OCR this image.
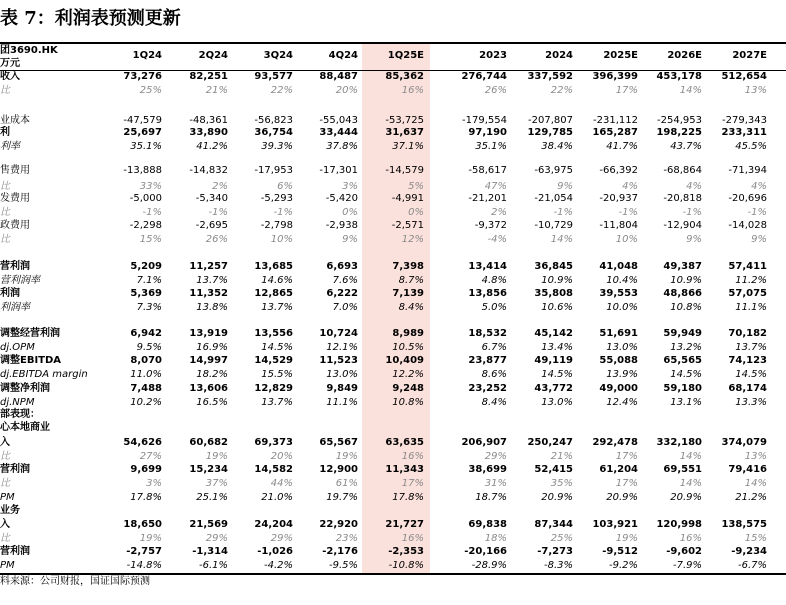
表 7：利润表预测更新
团3690.HK
万元
1Q24	2Q24	3Q24	4Q24	1Q25E	2023	2024	2025E	2026E	2027E
收入	73,276	82,251	93,577	88,487	85,362	276,744	337,592	396,399	453,178	512,654
比	25%	21%	22%	20%	16%	26%	22%	17%	14%	13%
业成本	-47,579	-48,361	-56,823	-55,043	-53,725	-179,554	-207,807	-231,112	-254,953	-279,343
利	25,697	33,890	36,754	33,444	31,637	97,190	129,785	165,287	198,225	233,311
利率	35.1%	41.2%	39.3%	37.8%	37.1%	35.1%	38.4%	41.7%	43.7%	45.5%
售费用	-13,888	-14,832	-17,953	-17,301	-14,579	-58,617	-63,975	-66,392	-68,864	-71,394
比	33%	2%	6%	3%	5%	47%	9%	4%	4%	4%
发费用	-5,000	-5,340	-5,293	-5,420	-4,991	-21,201	-21,054	-20,937	-20,818	-20,696
比	-1%	-1%	-1%	0%	0%	2%	-1%	-1%	-1%	-1%
政费用	-2,298	-2,695	-2,798	-2,938	-2,571	-9,372	-10,729	-11,804	-12,904	-14,028
比	15%	26%	10%	9%	12%	-4%	14%	10%	9%	9%
营利润	5,209	11,257	13,685	6,693	7,398	13,414	36,845	41,048	49,387	57,411
营利润率	7.1%	13.7%	14.6%	7.6%	8.7%	4.8%	10.9%	10.4%	10.9%	11.2%
利润	5,369	11,352	12,865	6,222	7,139	13,856	35,808	39,553	48,866	57,075
利润率	7.3%	13.8%	13.7%	7.0%	8.4%	5.0%	10.6%	10.0%	10.8%	11.1%
调整经营利润	6,942	13,919	13,556	10,724	8,989	18,532	45,142	51,691	59,949	70,182
dj.OPM	9.5%	16.9%	14.5%	12.1%	10.5%	6.7%	13.4%	13.0%	13.2%	13.7%
调整EBITDA	8,070	14,997	14,529	11,523	10,409	23,877	49,119	55,088	65,565	74,123
dj.EBITDA margin	11.0%	18.2%	15.5%	13.0%	12.2%	8.6%	14.5%	13.9%	14.5%	14.5%
调整净利润	7,488	13,606	12,829	9,849	9,248	23,252	43,772	49,000	59,180	68,174
dj.NPM	10.2%	16.5%	13.7%	11.1%	10.8%	8.4%	13.0%	12.4%	13.1%	13.3%
入	54,626	60,682	69,373	65,567	63,635	206,907	250,247	292,478	332,180	374,079
比	27%	19%	20%	19%	16%	29%	21%	17%	14%	13%
营利润	9,699	15,234	14,582	12,900	11,343	38,699	52,415	61,204	69,551	79,416
比	3%	37%	44%	61%	17%	31%	35%	17%	14%	14%
PM	17.8%	25.1%	21.0%	19.7%	17.8%	18.7%	20.9%	20.9%	20.9%	21.2%
入	18,650	21,569	24,204	22,920	21,727	69,838	87,344	103,921	120,998	138,575
比	19%	29%	29%	23%	16%	18%	25%	19%	16%	15%
营利润	-2,757	-1,314	-1,026	-2,176	-2,353	-20,166	-7,273	-9,512	-9,602	-9,234
PM	-14.8%	-6.1%	-4.2%	-9.5%	-10.8%	-28.9%	-8.3%	-9.2%	-7.9%	-6.7%
部表现：
心本地商业
业务
料来源：公司财报，国证国际预测
